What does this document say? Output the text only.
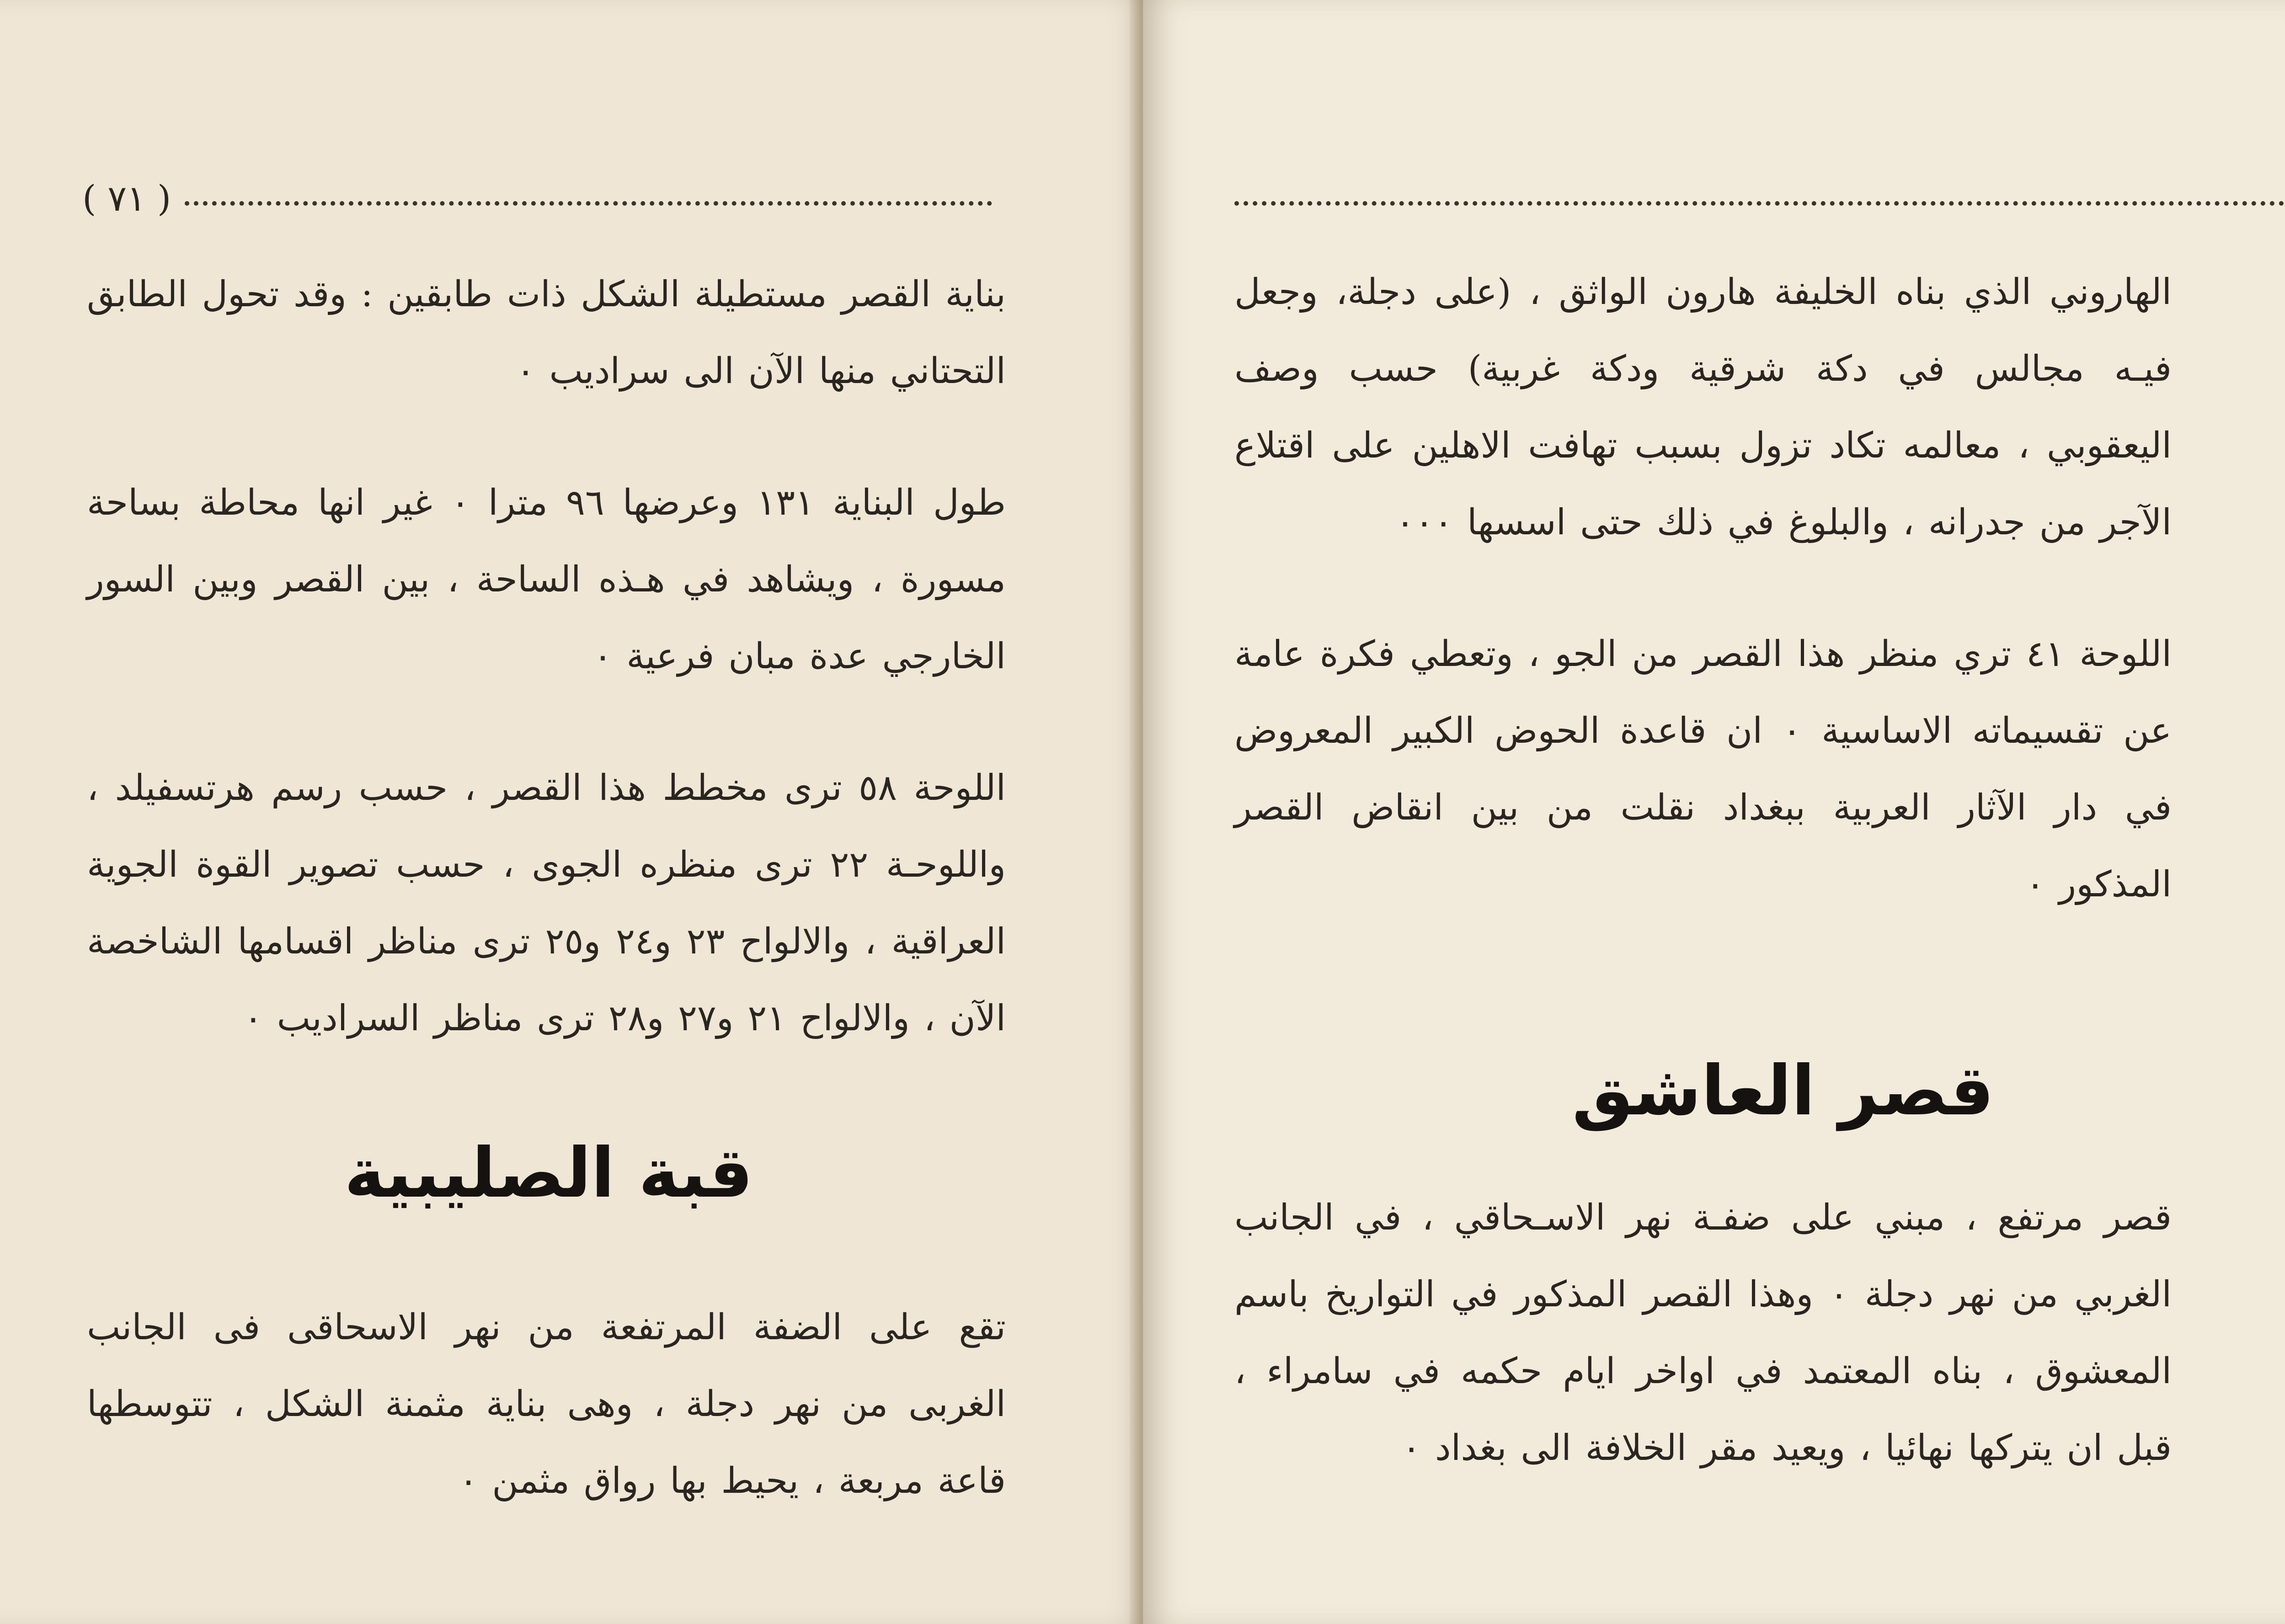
( ٧١ )

بناية القصر مستطيلة الشكل ذات طابقين : وقد تحول الطابق التحتاني منها الآن الى سراديب ٠

طول البناية ١٣١ وعرضها ٩٦ مترا ٠ غير انها محاطة بساحة مسورة ، ويشاهد في هـذه الساحة ، بين القصر وبين السور الخارجي عدة مبان فرعية ٠

اللوحة ٥٨ ترى مخطط هذا القصر ، حسب رسم هرتسفيلد ، واللوحـة ٢٢ ترى منظره الجوى ، حسب تصوير القوة الجوية العراقية ، والالواح ٢٣ و٢٤ و٢٥ ترى مناظر اقسامها الشاخصة الآن ، والالواح ٢١ و٢٧ و٢٨ ترى مناظر السراديب ٠

قبة الصليبية

تقع على الضفة المرتفعة من نهر الاسحاقى فى الجانب الغربى من نهر دجلة ، وهى بناية مثمنة الشكل ، تتوسطها قاعة مربعة ، يحيط بها رواق مثمن ٠

الهاروني الذي بناه الخليفة هارون الواثق ، (على دجلة، وجعل فيـه مجالس في دكة شرقية ودكة غربية) حسب وصف اليعقوبي ، معالمه تكاد تزول بسبب تهافت الاهلين على اقتلاع الآجر من جدرانه ، والبلوغ في ذلك حتى اسسها ٠٠٠

اللوحة ٤١ تري منظر هذا القصر من الجو ، وتعطي فكرة عامة عن تقسيماته الاساسية ٠ ان قاعدة الحوض الكبير المعروض في دار الآثار العربية ببغداد نقلت من بين انقاض القصر المذكور ٠

قصر العاشق

قصر مرتفع ، مبني على ضفـة نهر الاسـحاقي ، في الجانب الغربي من نهر دجلة ٠ وهذا القصر المذكور في التواريخ باسم المعشوق ، بناه المعتمد في اواخر ايام حكمه في سامراء ، قبل ان يتركها نهائيا ، ويعيد مقر الخلافة الى بغداد ٠
